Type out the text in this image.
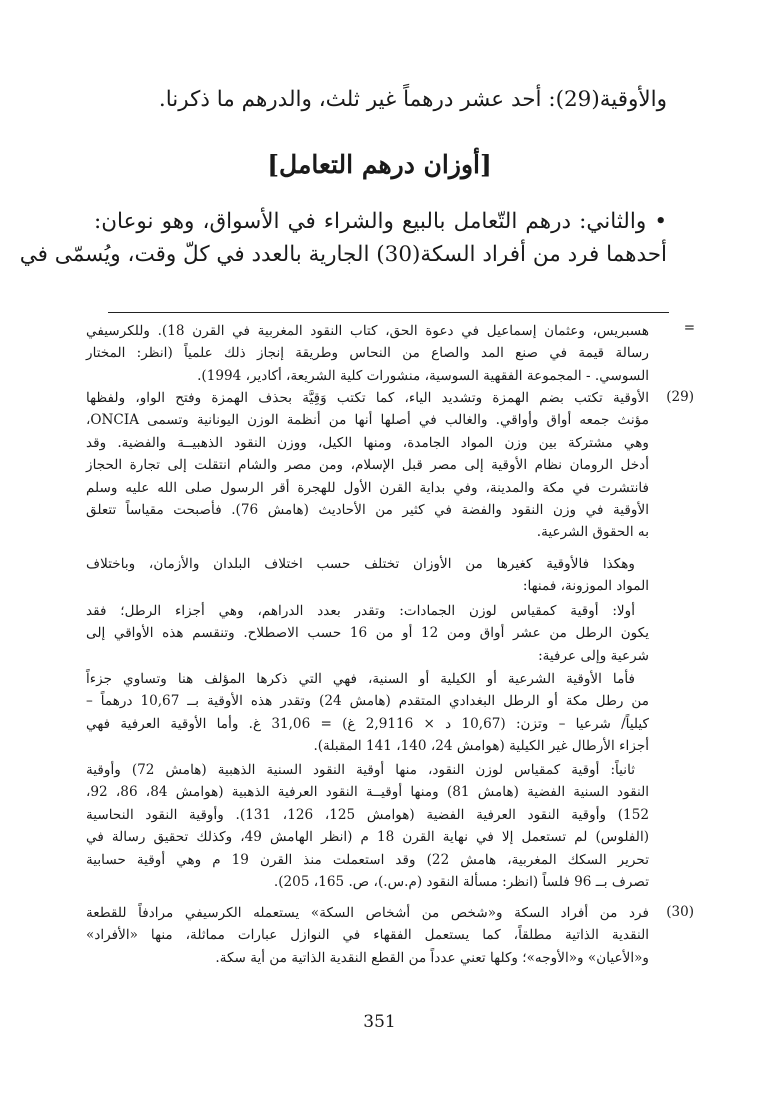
والأوقية(29): أحد عشر درهماً غير ثلث، والدرهم ما ذكرنا.
[أوزان درهم التعامل]
• والثاني: درهم التّعامل بالبيع والشراء في الأسواق، وهو نوعان:
أحدهما فرد من أفراد السكة(30) الجارية بالعدد في كلّ وقت، ويُسمّى في
=
هسبريس، وعثمان إسماعيل في دعوة الحق، كتاب النقود المغربية في القرن 18). وللكرسيفي
رسالة قيمة في صنع المد والصاع من النحاس وطريقة إنجاز ذلك علمياً (انظر: المختار
السوسي. - المجموعة الفقهية السوسية، منشورات كلية الشريعة، أكادير، 1994).
(29)
الأوقية تكتب بضم الهمزة وتشديد الياء، كما تكتب وَقِيَّة بحذف الهمزة وفتح الواو، ولفظها
مؤنث جمعه أواق وأواقي. والغالب في أصلها أنها من أنظمة الوزن اليونانية وتسمى ONCIA،
وهي مشتركة بين وزن المواد الجامدة، ومنها الكيل، ووزن النقود الذهبيــة والفضية. وقد
أدخل الرومان نظام الأوقية إلى مصر قبل الإسلام، ومن مصر والشام انتقلت إلى تجارة الحجاز
فانتشرت في مكة والمدينة، وفي بداية القرن الأول للهجرة أقر الرسول صلى الله عليه وسلم
الأوقية في وزن النقود والفضة في كثير من الأحاديث (هامش 76). فأصبحت مقياساً تتعلق
به الحقوق الشرعية.
وهكذا فالأوقية كغيرها من الأوزان تختلف حسب اختلاف البلدان والأزمان، وباختلاف
المواد الموزونة، فمنها:
أولا: أوقية كمقياس لوزن الجمادات: وتقدر بعدد الدراهم، وهي أجزاء الرطل؛ فقد
يكون الرطل من عشر أواق ومن 12 أو من 16 حسب الاصطلاح. وتنقسم هذه الأواقي إلى
شرعية وإلى عرفية:
فأما الأوقية الشرعية أو الكيلية أو السنية، فهي التي ذكرها المؤلف هنا وتساوي جزءاً
من رطل مكة أو الرطل البغدادي المتقدم (هامش 24) وتقدر هذه الأوقية بــ 10,67 درهماً –
كيلياً/ شرعيا – وتزن: (10,67 د × 2,9116 غ) = 31,06 غ. وأما الأوقية العرفية فهي
أجزاء الأرطال غير الكيلية (هوامش 24، 140، 141 المقبلة).
ثانياً: أوقية كمقياس لوزن النقود، منها أوقية النقود السنية الذهبية (هامش 72) وأوقية
النقود السنية الفضية (هامش 81) ومنها أوقيــة النقود العرفية الذهبية (هوامش 84، 86، 92،
152) وأوقية النقود العرفية الفضية (هوامش 125، 126، 131). وأوقية النقود النحاسية
(الفلوس) لم تستعمل إلا في نهاية القرن 18 م (انظر الهامش 49، وكذلك تحقيق رسالة في
تحرير السكك المغربية، هامش 22) وقد استعملت منذ القرن 19 م وهي أوقية حسابية
تصرف بــ 96 فلساً (انظر: مسألة النقود (م.س.)، ص. 165، 205).
(30)
فرد من أفراد السكة و«شخص من أشخاص السكة» يستعمله الكرسيفي مرادفاً للقطعة
النقدية الذاتية مطلقاً، كما يستعمل الفقهاء في النوازل عبارات مماثلة، منها «الأفراد»
و«الأعيان» و«الأوجه»؛ وكلها تعني عدداً من القطع النقدية الذاتية من أية سكة.
351
